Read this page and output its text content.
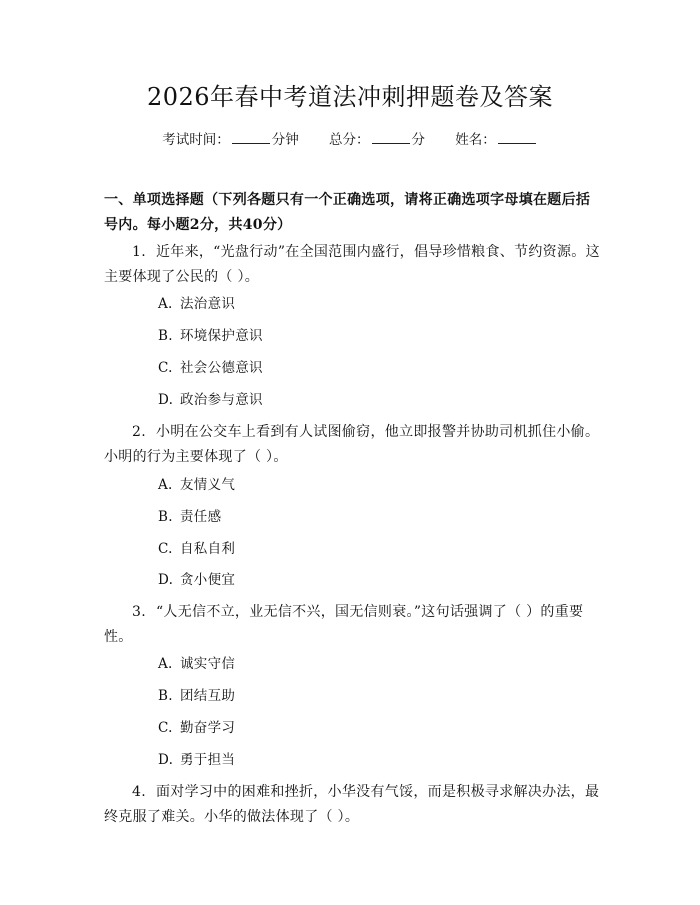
2026年春中考道法冲刺押题卷及答案
考试时间：	分钟 总分：	分 姓名：
一、单项选择题（下列各题只有一个正确选项，请将正确选项字母填在题后括号内。每小题2分，共40分）
1. 近年来，“光盘行动”在全国范围内盛行，倡导珍惜粮食、节约资源。这主要体现了公民的（ ）。
A. 法治意识
B. 环境保护意识
C. 社会公德意识
D. 政治参与意识
2. 小明在公交车上看到有人试图偷窃，他立即报警并协助司机抓住小偷。小明的行为主要体现了（ ）。
A. 友情义气
B. 责任感
C. 自私自利
D. 贪小便宜
3. “人无信不立，业无信不兴，国无信则衰。”这句话强调了（ ）的重要性。
A. 诚实守信
B. 团结互助
C. 勤奋学习
D. 勇于担当
4. 面对学习中的困难和挫折，小华没有气馁，而是积极寻求解决办法，最终克服了难关。小华的做法体现了（ ）。
